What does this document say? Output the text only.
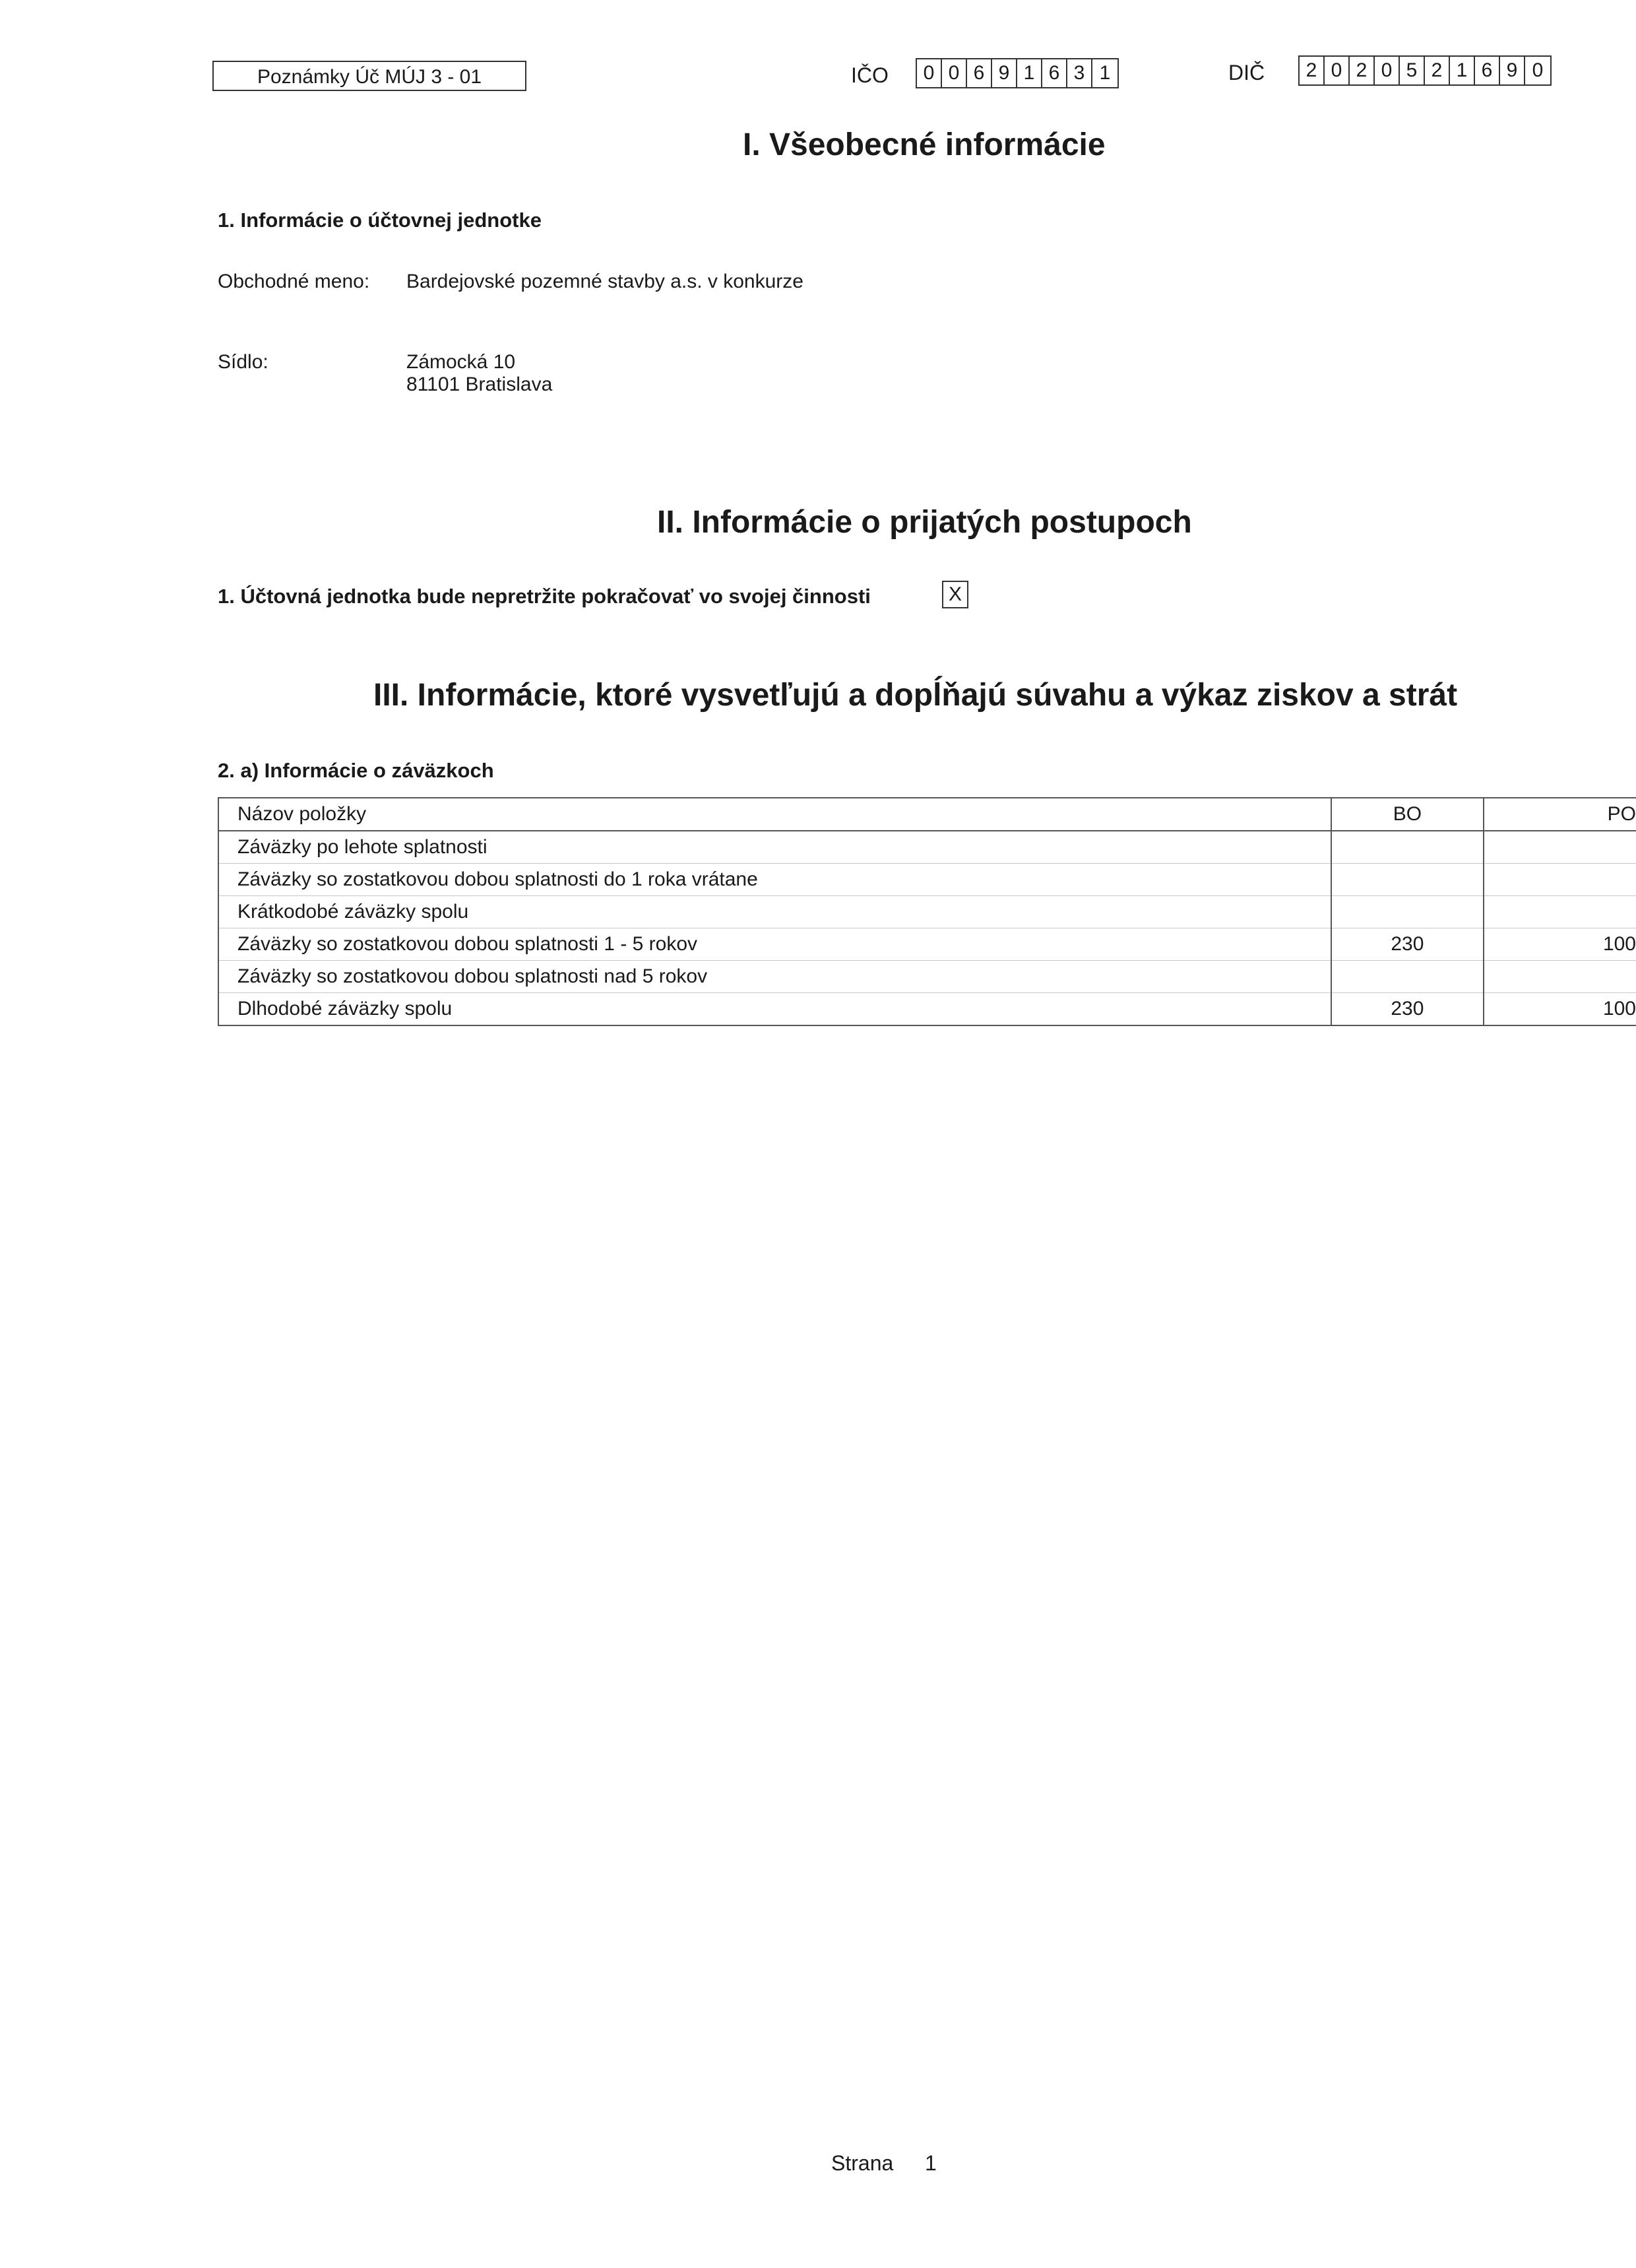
Poznámky Úč MÚJ 3 - 01	IČO	0 0 6 9 1 6 3 1	DIČ	2 0 2 0 5 2 1 6 9 0
I. Všeobecné informácie
1. Informácie o účtovnej jednotke
Obchodné meno: Bardejovské pozemné stavby a.s. v konkurze
Sídlo:	Zámocká 10
81101 Bratislava
II. Informácie o prijatých postupoch
1. Účtovná jednotka bude nepretržite pokračovať vo svojej činnosti	X
III. Informácie, ktoré vysvetľujú a dopĺňajú súvahu a výkaz ziskov a strát
2. a) Informácie o záväzkoch
Názov položky	BO	PO
Záväzky po lehote splatnosti		
Záväzky so zostatkovou dobou splatnosti do 1 roka vrátane		
Krátkodobé záväzky spolu		
Záväzky so zostatkovou dobou splatnosti 1 - 5 rokov	230	100
Záväzky so zostatkovou dobou splatnosti nad 5 rokov		
Dlhodobé záväzky spolu	230	100
Strana 1
